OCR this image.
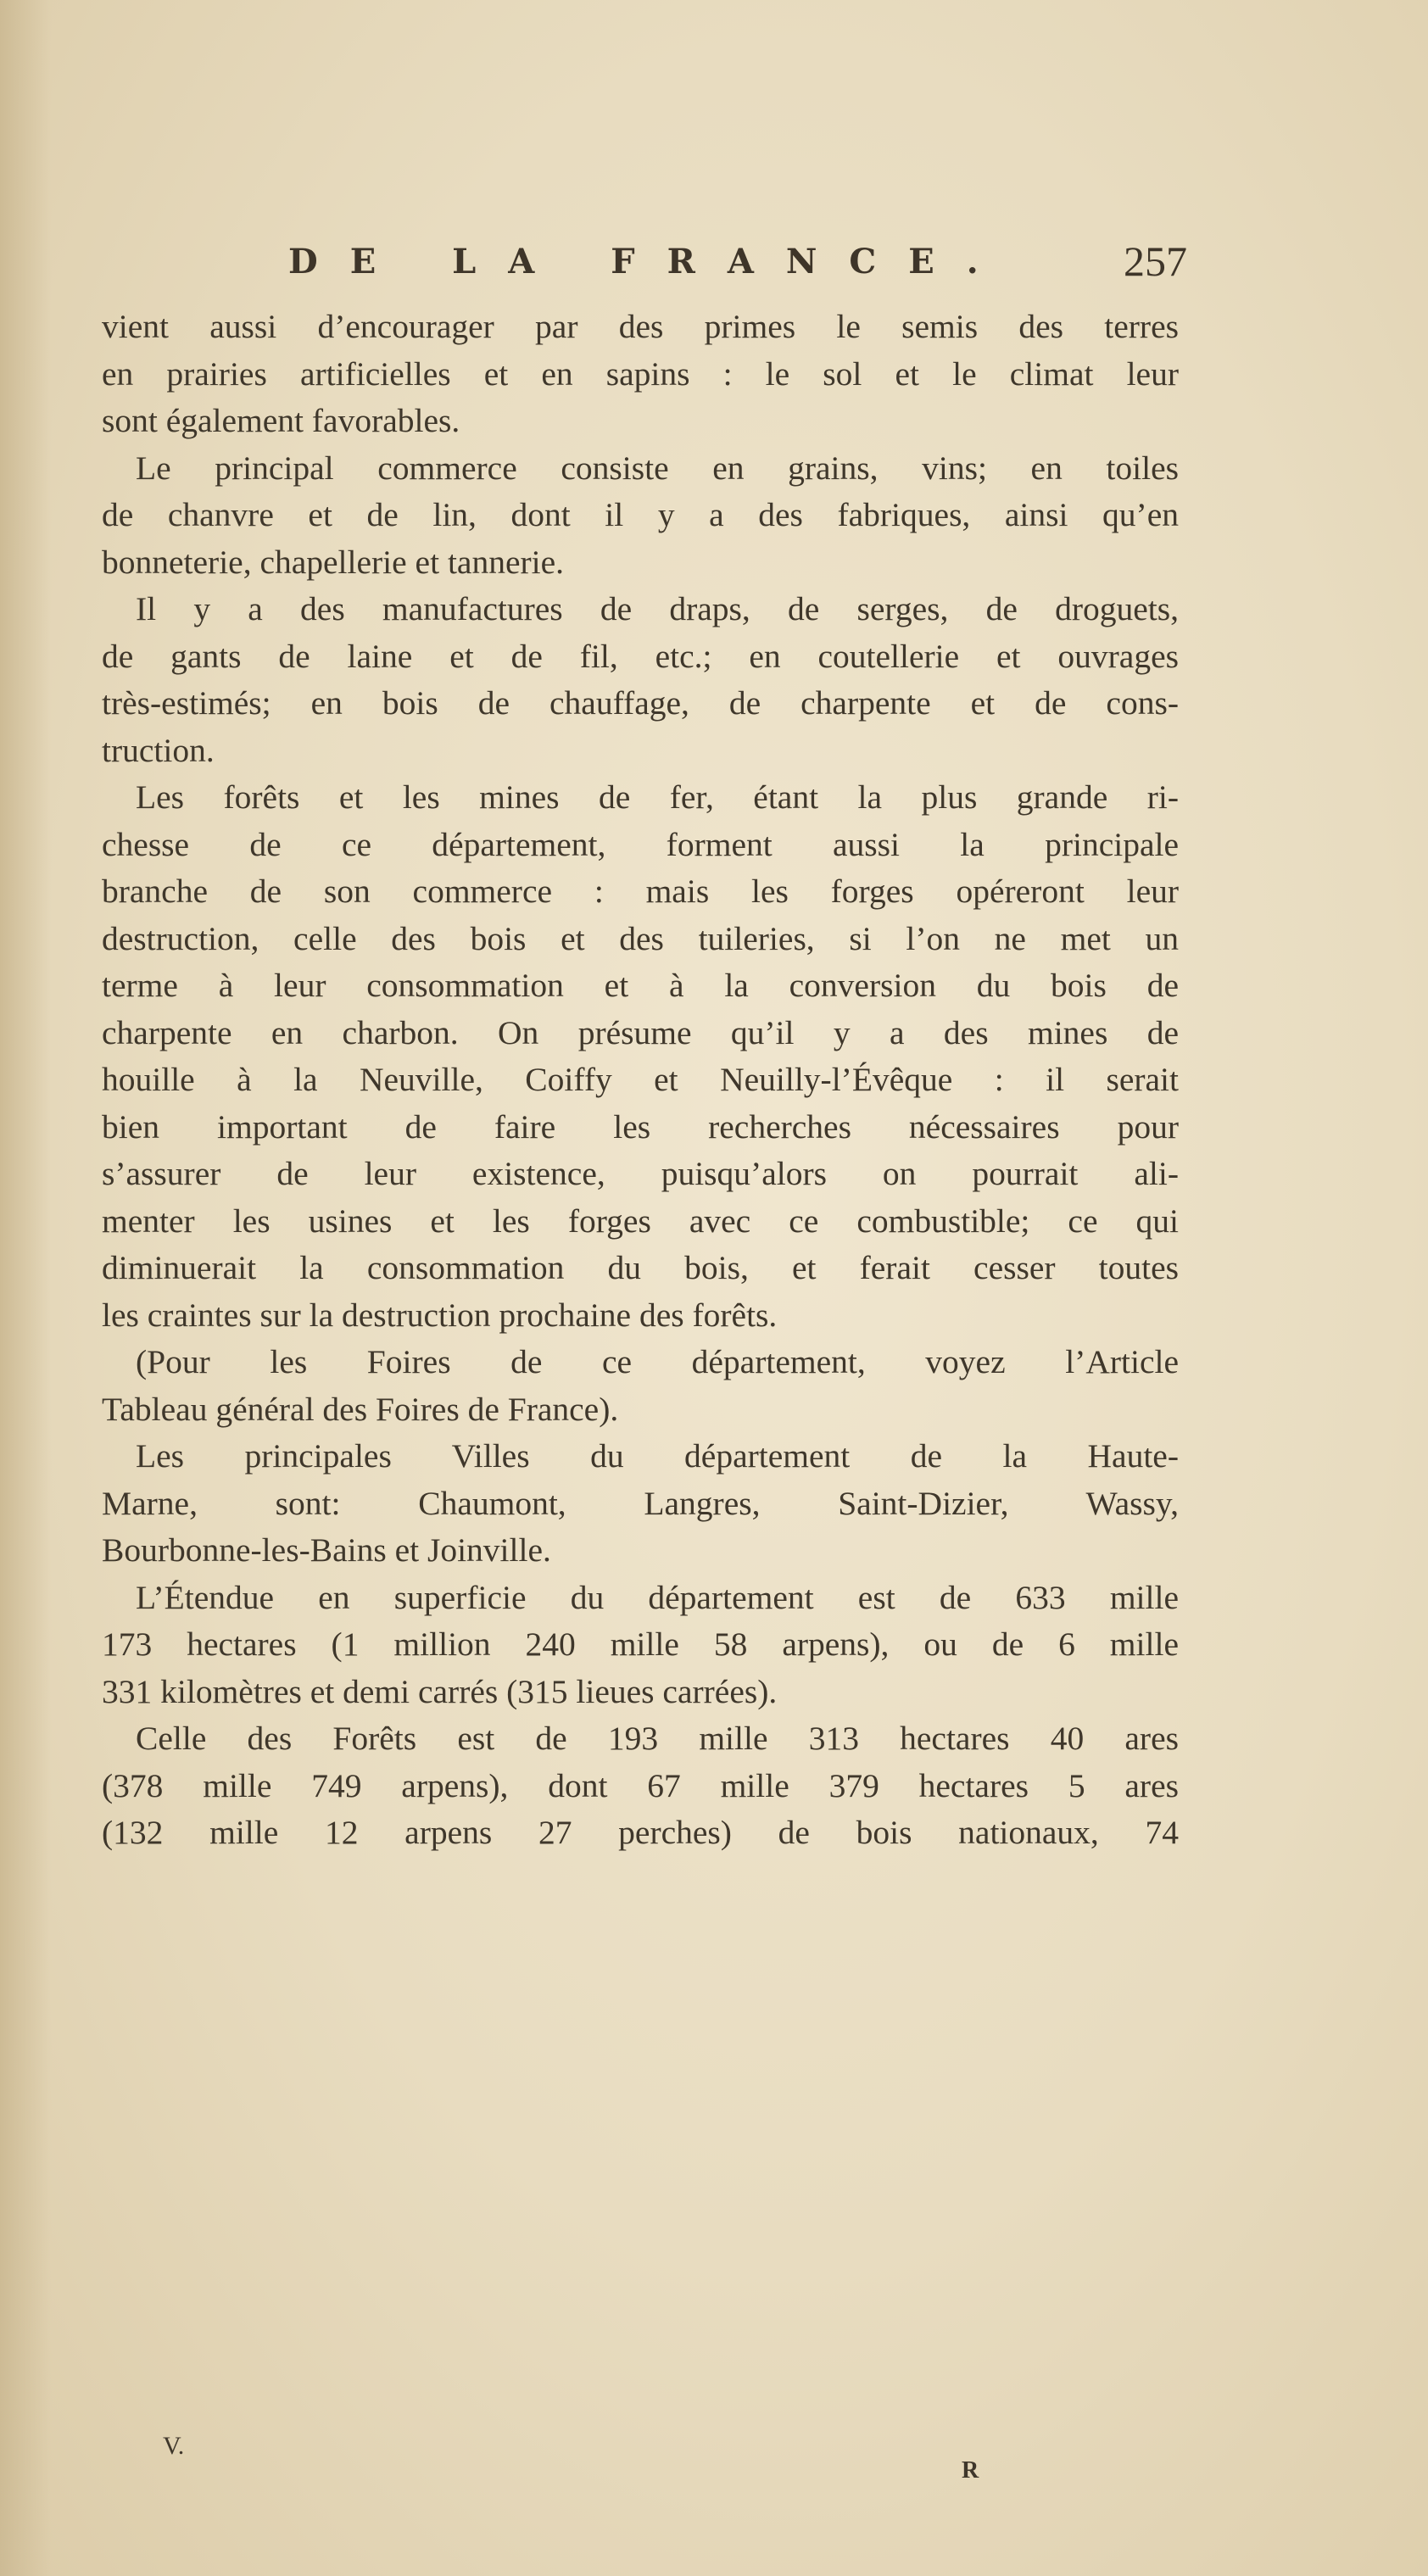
DE LA FRANCE.	257
vient aussi d’encourager par des primes le semis des terres
en prairies artificielles et en sapins : le sol et le climat leur
sont également favorables.
Le principal commerce consiste en grains, vins; en toiles
de chanvre et de lin, dont il y a des fabriques, ainsi qu’en
bonneterie, chapellerie et tannerie.
Il y a des manufactures de draps, de serges, de droguets,
de gants de laine et de fil, etc.; en coutellerie et ouvrages
très-estimés; en bois de chauffage, de charpente et de cons-
truction.
Les forêts et les mines de fer, étant la plus grande ri-
chesse de ce département, forment aussi la principale
branche de son commerce : mais les forges opéreront leur
destruction, celle des bois et des tuileries, si l’on ne met un
terme à leur consommation et à la conversion du bois de
charpente en charbon. On présume qu’il y a des mines de
houille à la Neuville, Coiffy et Neuilly-l’Évêque : il serait
bien important de faire les recherches nécessaires pour
s’assurer de leur existence, puisqu’alors on pourrait ali-
menter les usines et les forges avec ce combustible; ce qui
diminuerait la consommation du bois, et ferait cesser toutes
les craintes sur la destruction prochaine des forêts.
(Pour les Foires de ce département, voyez l’Article
Tableau général des Foires de France).
Les principales Villes du département de la Haute-
Marne, sont: Chaumont, Langres, Saint-Dizier, Wassy,
Bourbonne-les-Bains et Joinville.
L’Étendue en superficie du département est de 633 mille
173 hectares (1 million 240 mille 58 arpens), ou de 6 mille
331 kilomètres et demi carrés (315 lieues carrées).
Celle des Forêts est de 193 mille 313 hectares 40 ares
(378 mille 749 arpens), dont 67 mille 379 hectares 5 ares
(132 mille 12 arpens 27 perches) de bois nationaux, 74
V.
R
